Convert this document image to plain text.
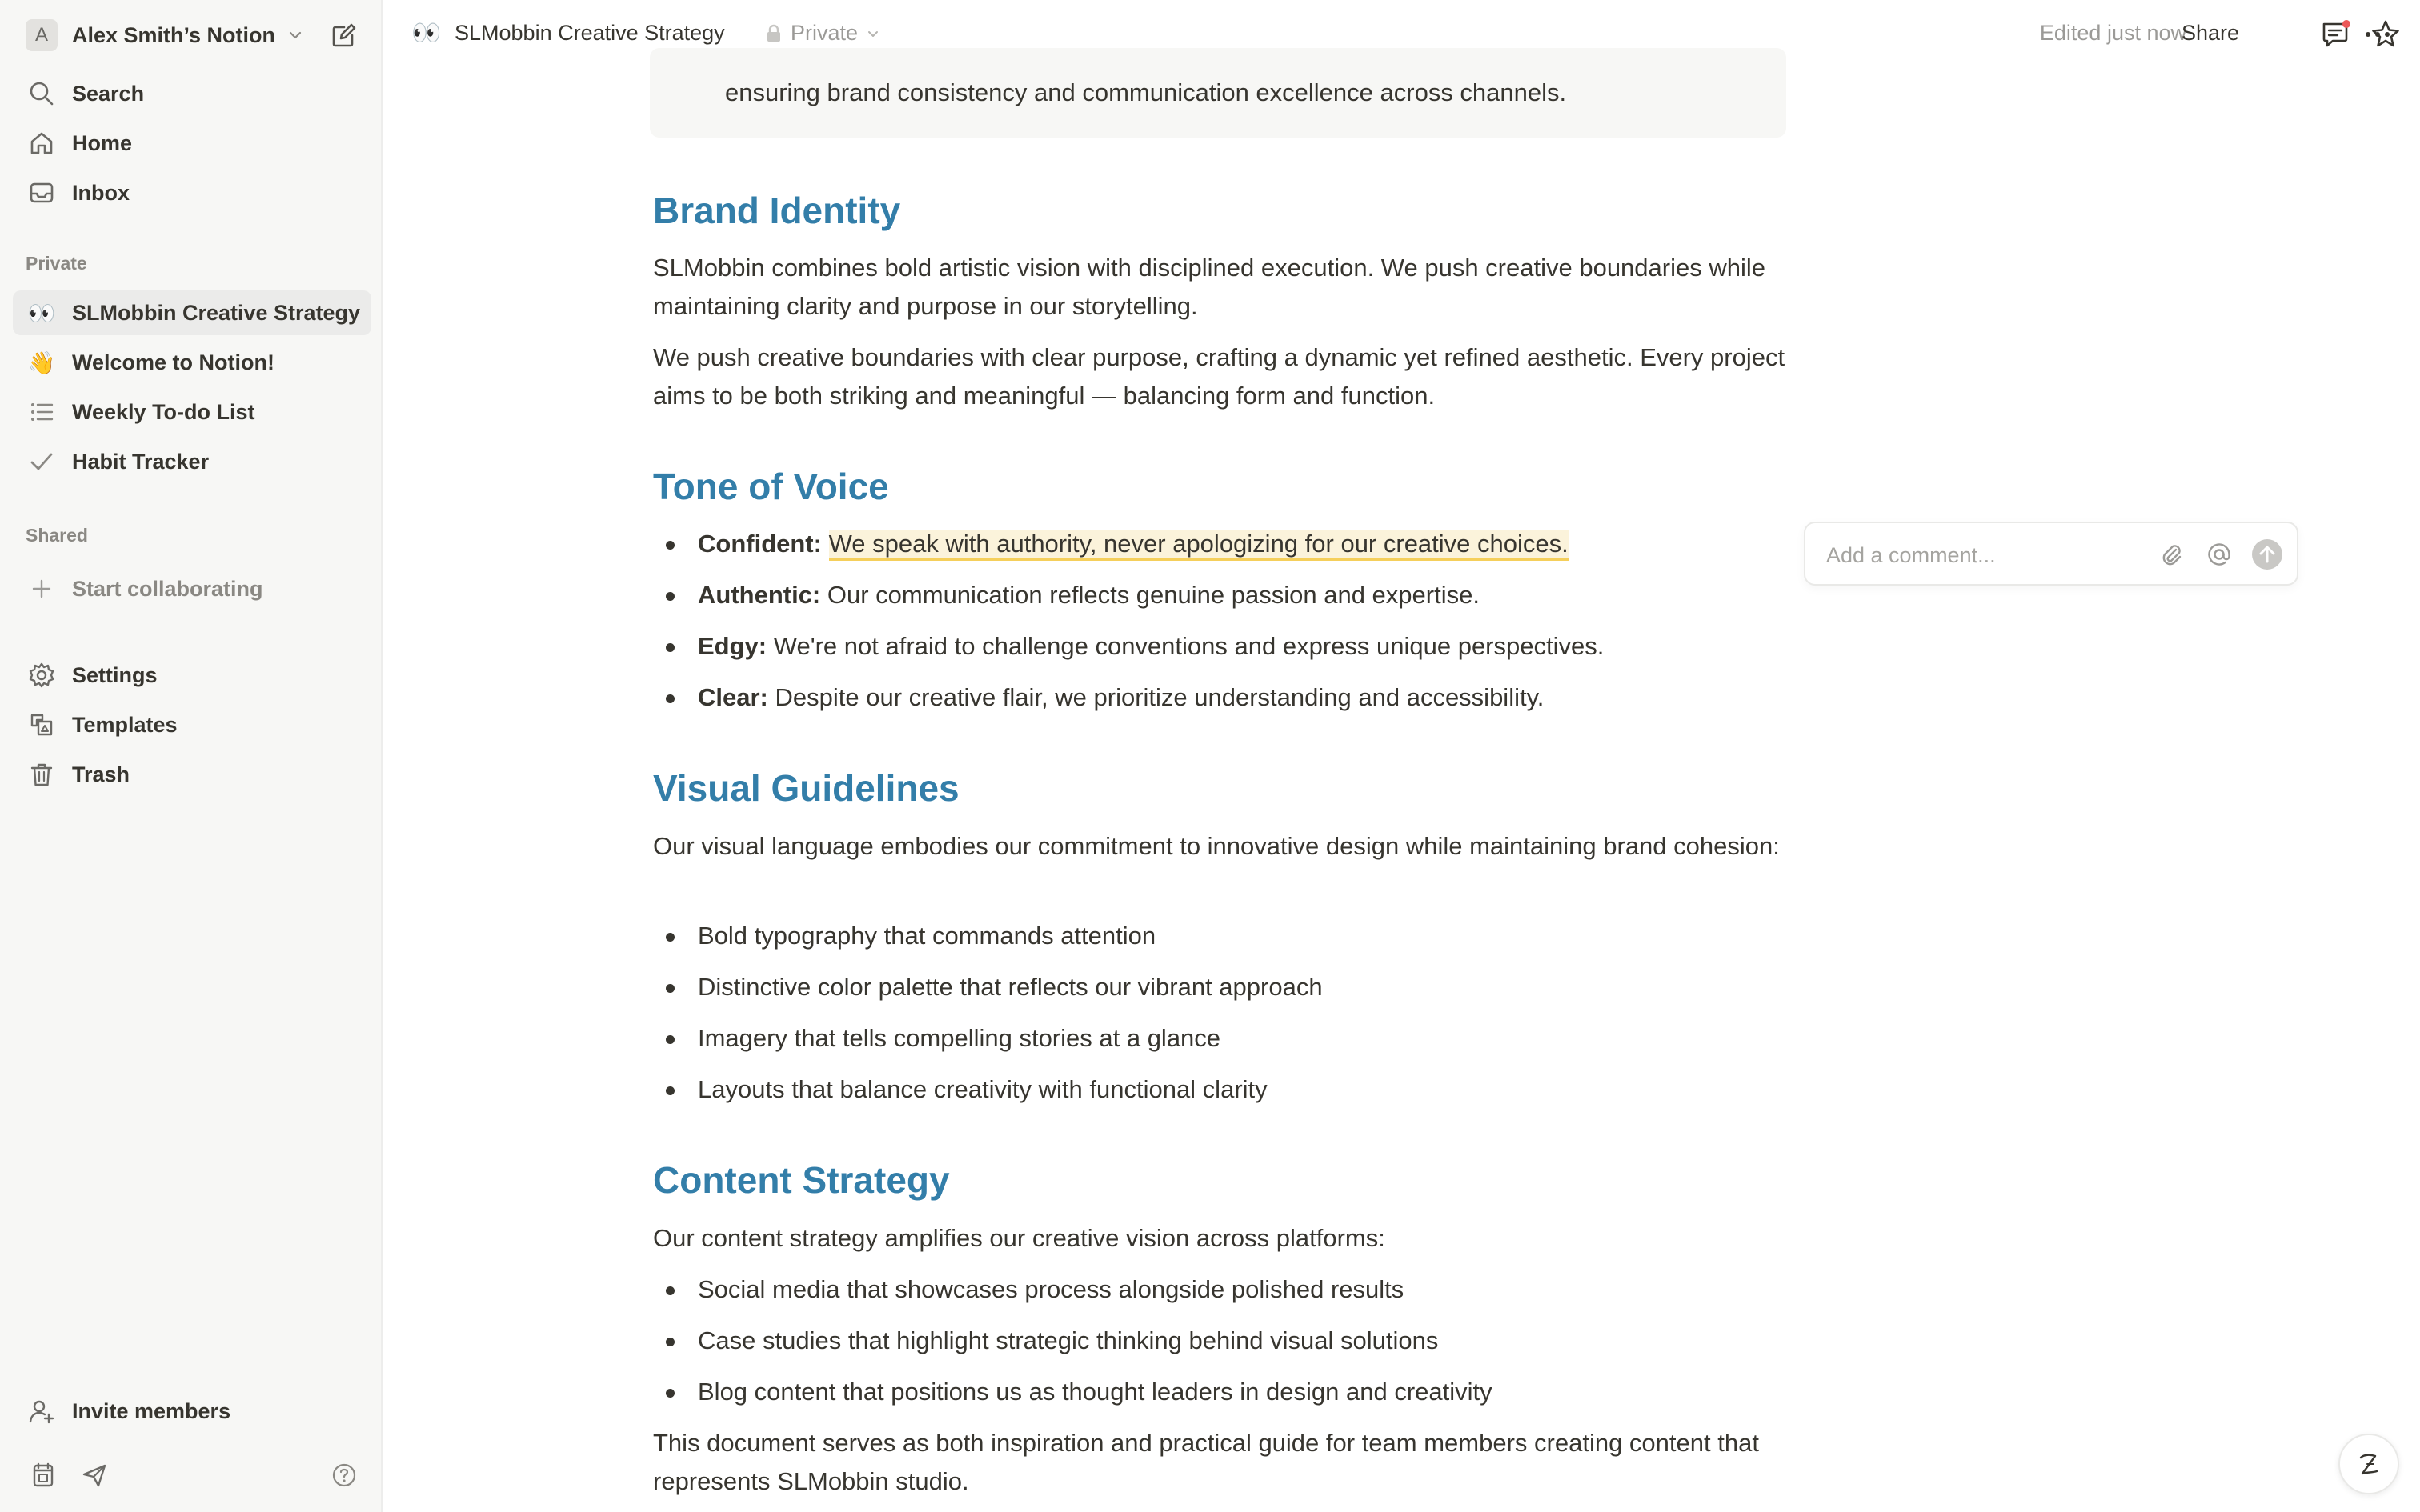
A	Alex Smith’s Notion
Search
Home
Inbox
Private
👀 SLMobbin Creative Strategy
👋 Welcome to Notion!
Weekly To-do List
Habit Tracker
Shared
Start collaborating
Settings
Templates
Trash
Invite members
👀 SLMobbin Creative Strategy	Private	Edited just now
Share
ensuring brand consistency and communication excellence across channels.
Brand Identity

SLMobbin combines bold artistic vision with disciplined execution. We push creative boundaries while maintaining clarity and purpose in our storytelling.

We push creative boundaries with clear purpose, crafting a dynamic yet refined aesthetic. Every project aims to be both striking and meaningful — balancing form and function.

Tone of Voice
Confident: We speak with authority, never apologizing for our creative choices.
Authentic: Our communication reflects genuine passion and expertise.
Edgy: We're not afraid to challenge conventions and express unique perspectives.
Clear: Despite our creative flair, we prioritize understanding and accessibility.
Visual Guidelines

Our visual language embodies our commitment to innovative design while maintaining brand cohesion:

Bold typography that commands attention
Distinctive color palette that reflects our vibrant approach
Imagery that tells compelling stories at a glance
Layouts that balance creativity with functional clarity
Content Strategy

Our content strategy amplifies our creative vision across platforms:

Social media that showcases process alongside polished results
Case studies that highlight strategic thinking behind visual solutions
Blog content that positions us as thought leaders in design and creativity

This document serves as both inspiration and practical guide for team members creating content that represents SLMobbin studio.

Add a comment...
